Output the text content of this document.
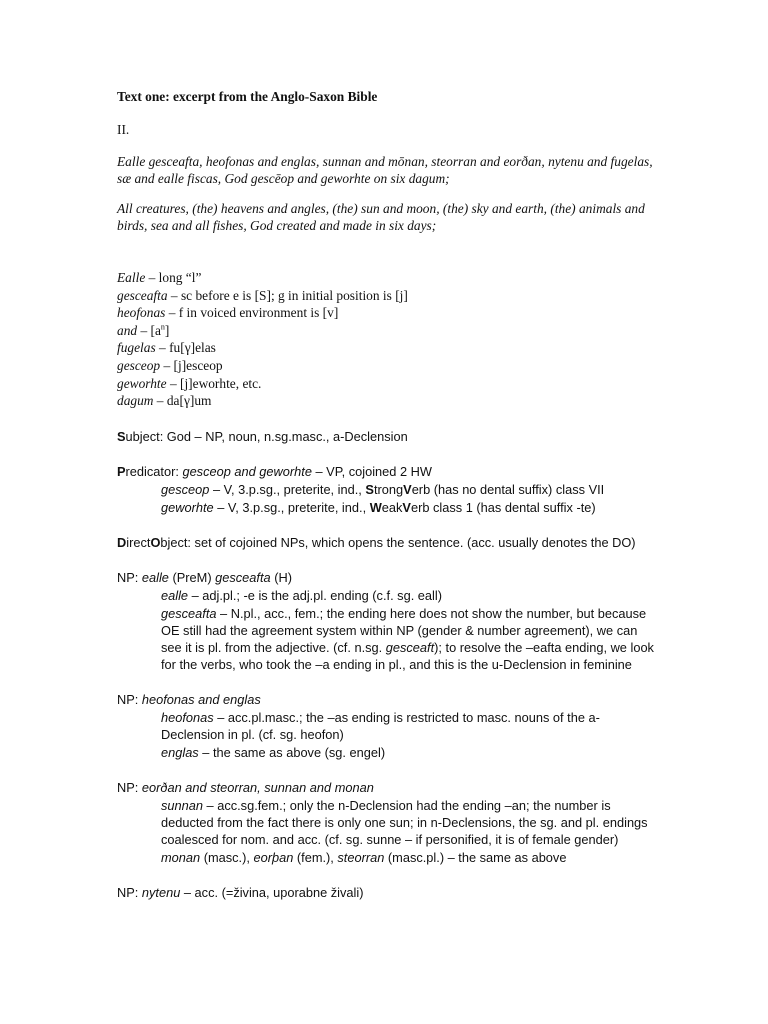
Text one: excerpt from the Anglo-Saxon Bible

II.
Ealle gesceafta, heofonas and englas, sunnan and mōnan, steorran and eorðan, nytenu and fugelas, sæ and ealle fiscas, God gescēop and geworhte on six dagum;
All creatures, (the) heavens and angles, (the) sun and moon, (the) sky and earth, (the) animals and birds, sea and all fishes, God created and made in six days;
Ealle – long “l”
gesceafta – sc before e is [S]; g in initial position is [j]
heofonas – f in voiced environment is [v]
and – $[a^n]$
fugelas – fu[γ]elas
gesceop – [j]esceop
geworhte – [j]eworhte, etc.
dagum – da[γ]um
Subject: God – NP, noun, n.sg.masc., a-Declension
Predicator: gesceop and geworhte – VP, cojoined 2 HW
gesceop – V, 3.p.sg., preterite, ind., StrongVerb (has no dental suffix) class VII
geworhte – V, 3.p.sg., preterite, ind., WeakVerb class 1 (has dental suffix -te)
DirectObject: set of cojoined NPs, which opens the sentence. (acc. usually denotes the DO)
NP: ealle (PreM) gesceafta (H)
ealle – adj.pl.; -e is the adj.pl. ending (c.f. sg. eall)
gesceafta – N.pl., acc., fem.; the ending here does not show the number, but because OE still had the agreement system within NP (gender & number agreement), we can see it is pl. from the adjective. (cf. n.sg. gesceaft); to resolve the –eafta ending, we look for the verbs, who took the –a ending in pl., and this is the u-Declension in feminine
NP: heofonas and englas
heofonas – acc.pl.masc.; the –as ending is restricted to masc. nouns of the a-Declension in pl. (cf. sg. heofon)
englas – the same as above (sg. engel)
NP: eorðan and steorran, sunnan and monan
sunnan – acc.sg.fem.; only the n-Declension had the ending –an; the number is deducted from the fact there is only one sun; in n-Declensions, the sg. and pl. endings coalesced for nom. and acc. (cf. sg. sunne – if personified, it is of female gender)
monan (masc.), eorþan (fem.), steorran (masc.pl.) – the same as above
NP: nytenu – acc. (=živina, uporabne živali)
